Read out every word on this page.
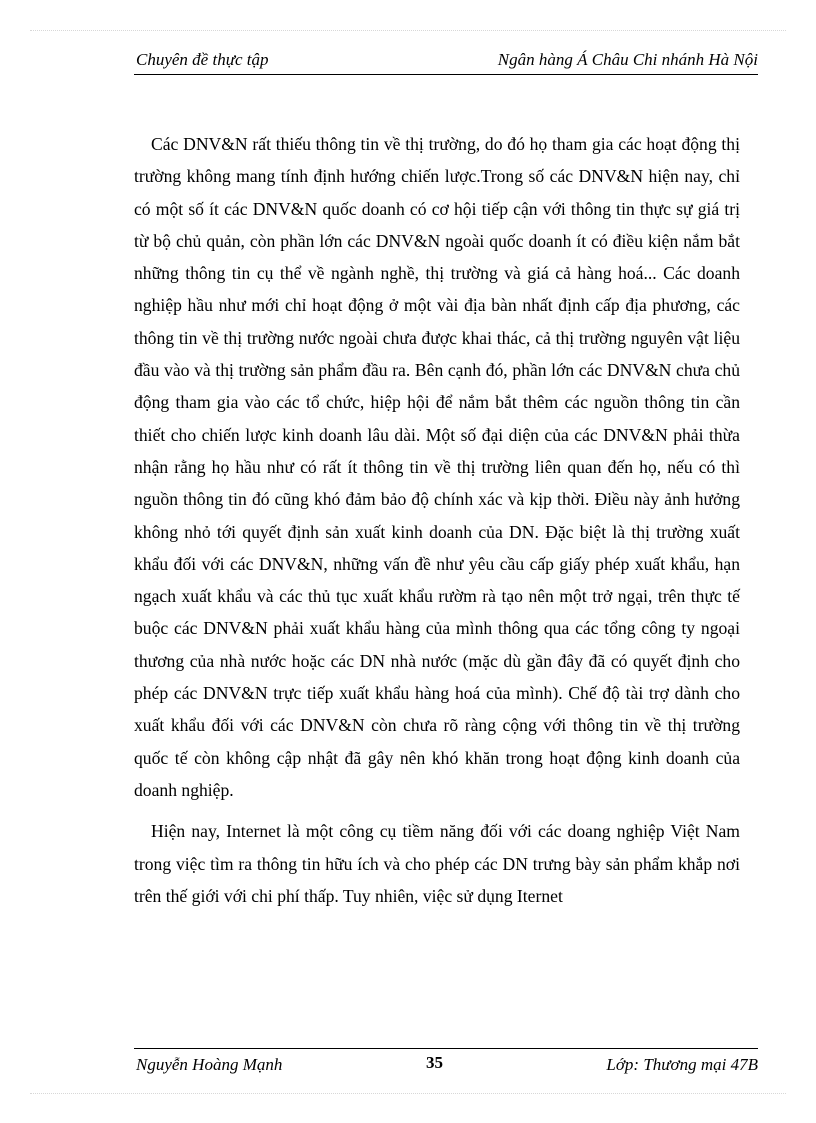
Chuyên đề thực tập	Ngân hàng Á Châu Chi nhánh Hà Nội

Các DNV&N rất thiếu thông tin về thị trường, do đó họ tham gia các hoạt động thị trường không mang tính định hướng chiến lược.Trong số các DNV&N hiện nay, chỉ có một số ít các DNV&N quốc doanh có cơ hội tiếp cận với thông tin thực sự giá trị từ bộ chủ quản, còn phần lớn các DNV&N ngoài quốc doanh ít có điều kiện nắm bắt những thông tin cụ thể về ngành nghề, thị trường và giá cả hàng hoá... Các doanh nghiệp hầu như mới chỉ hoạt động ở một vài địa bàn nhất định cấp địa phương, các thông tin về thị trường nước ngoài chưa được khai thác, cả thị trường nguyên vật liệu đầu vào và thị trường sản phẩm đầu ra. Bên cạnh đó, phần lớn các DNV&N chưa chủ động tham gia vào các tổ chức, hiệp hội để nắm bắt thêm các nguồn thông tin cần thiết cho chiến lược kinh doanh lâu dài. Một số đại diện của các DNV&N phải thừa nhận rằng họ hầu như có rất ít thông tin về thị trường liên quan đến họ, nếu có thì nguồn thông tin đó cũng khó đảm bảo độ chính xác và kịp thời. Điều này ảnh hưởng không nhỏ tới quyết định sản xuất kinh doanh của DN. Đặc biệt là thị trường xuất khẩu đối với các DNV&N, những vấn đề như yêu cầu cấp giấy phép xuất khẩu, hạn ngạch xuất khẩu và các thủ tục xuất khẩu rườm rà tạo nên một trở ngại, trên thực tế buộc các DNV&N phải xuất khẩu hàng của mình thông qua các tổng công ty ngoại thương của nhà nước hoặc các DN nhà nước (mặc dù gần đây đã có quyết định cho phép các DNV&N trực tiếp xuất khẩu hàng hoá của mình). Chế độ tài trợ dành cho xuất khẩu đối với các DNV&N còn chưa rõ ràng cộng với thông tin về thị trường quốc tế còn không cập nhật đã gây nên khó khăn trong hoạt động kinh doanh của doanh nghiệp.

Hiện nay, Internet là một công cụ tiềm năng đối với các doang nghiệp Việt Nam trong việc tìm ra thông tin hữu ích và cho phép các DN trưng bày sản phẩm khắp nơi trên thế giới với chi phí thấp. Tuy nhiên, việc sử dụng Iternet

Nguyễn Hoàng Mạnh	35	Lớp: Thương mại 47B
